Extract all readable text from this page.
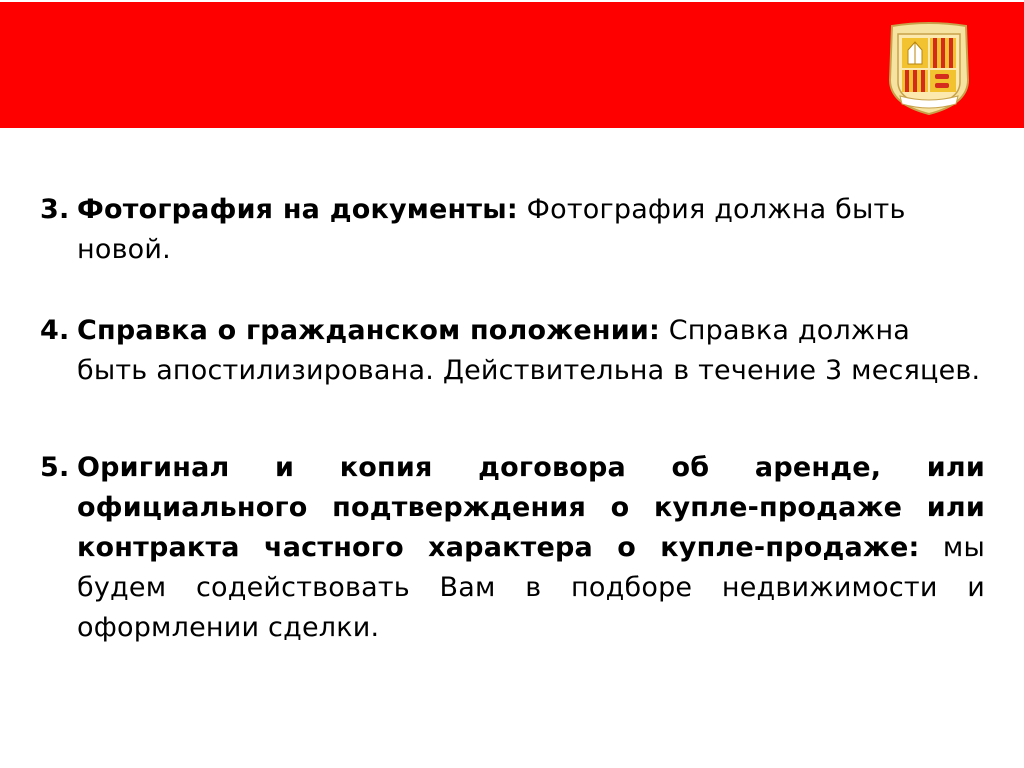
3. Фотография на документы: Фотография должна быть новой.
4. Справка о гражданском положении: Справка должна быть апостилизирована. Действительна в течение 3 месяцев.
5. Оригинал и копия договора об аренде, или официального подтверждения о купле-продаже или контракта частного характера о купле-продаже: мы будем содействовать Вам в подборе недвижимости и оформлении сделки.
